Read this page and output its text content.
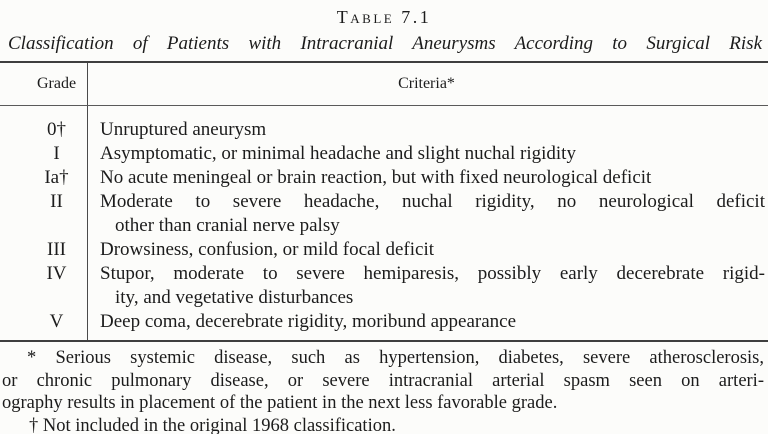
Table 7.1
Classification of Patients with Intracranial Aneurysms According to Surgical Risk
Grade	Criteria*
0†	Unruptured aneurysm
I	Asymptomatic, or minimal headache and slight nuchal rigidity
Ia†	No acute meningeal or brain reaction, but with fixed neurological deficit
II	Moderate to severe headache, nuchal rigidity, no neurological deficit
other than cranial nerve palsy
III	Drowsiness, confusion, or mild focal deficit
IV	Stupor, moderate to severe hemiparesis, possibly early decerebrate rigid-
ity, and vegetative disturbances
V	Deep coma, decerebrate rigidity, moribund appearance
* Serious systemic disease, such as hypertension, diabetes, severe atherosclerosis,
or chronic pulmonary disease, or severe intracranial arterial spasm seen on arteri-
ography results in placement of the patient in the next less favorable grade.
† Not included in the original 1968 classification.
